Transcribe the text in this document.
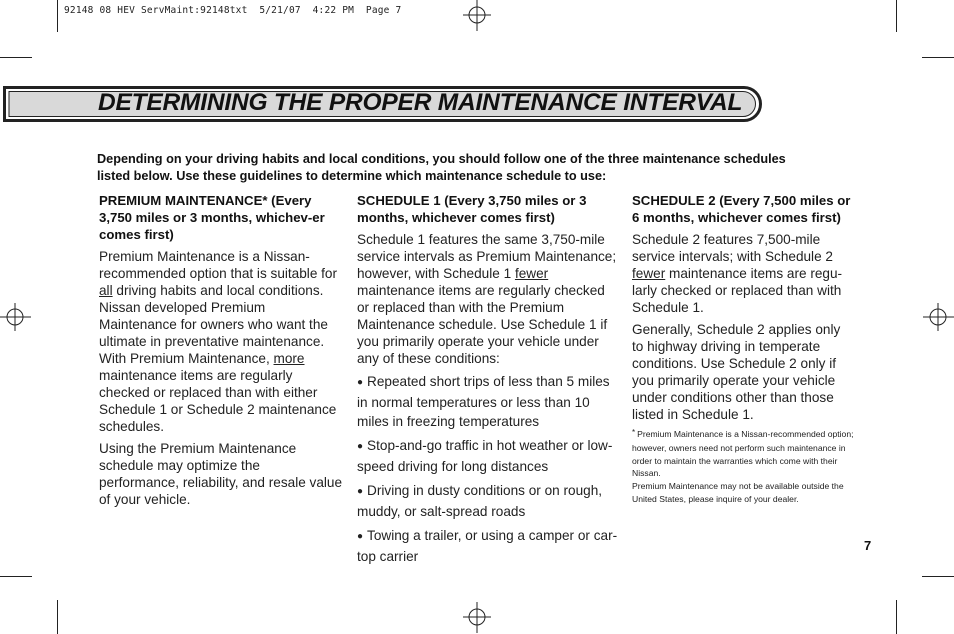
92148 08 HEV ServMaint:92148txt  5/21/07  4:22 PM  Page 7
DETERMINING THE PROPER MAINTENANCE INTERVAL
Depending on your driving habits and local conditions, you should follow one of the three maintenance schedules listed below. Use these guidelines to determine which maintenance schedule to use:

PREMIUM MAINTENANCE* (Every 3,750 miles or 3 months, whichev-er comes first)

Premium Maintenance is a Nissan-recommended option that is suitable for all driving habits and local conditions. Nissan developed Premium Maintenance for owners who want the ultimate in preventative maintenance. With Premium Maintenance, more maintenance items are regularly checked or replaced than with either Schedule 1 or Schedule 2 maintenance schedules.

Using the Premium Maintenance schedule may optimize the performance, reliability, and resale value of your vehicle.

SCHEDULE 1 (Every 3,750 miles or 3 months, whichever comes first)

Schedule 1 features the same 3,750-mile service intervals as Premium Maintenance; however, with Schedule 1 fewer maintenance items are regularly checked or replaced than with the Premium Maintenance schedule. Use Schedule 1 if you primarily operate your vehicle under any of these conditions:

● Repeated short trips of less than 5 miles in normal temperatures or less than 10 miles in freezing temperatures

● Stop-and-go traffic in hot weather or low-speed driving for long distances

● Driving in dusty conditions or on rough, muddy, or salt-spread roads

● Towing a trailer, or using a camper or car-top carrier

SCHEDULE 2 (Every 7,500 miles or 6 months, whichever comes first)

Schedule 2 features 7,500-mile service intervals; with Schedule 2 fewer maintenance items are regu-larly checked or replaced than with Schedule 1.

Generally, Schedule 2 applies only to highway driving in temperate conditions. Use Schedule 2 only if you primarily operate your vehicle under conditions other than those listed in Schedule 1.

* Premium Maintenance is a Nissan-recommended option; however, owners need not perform such maintenance in order to maintain the warranties which come with their Nissan.
Premium Maintenance may not be available outside the United States, please inquire of your dealer.
7
